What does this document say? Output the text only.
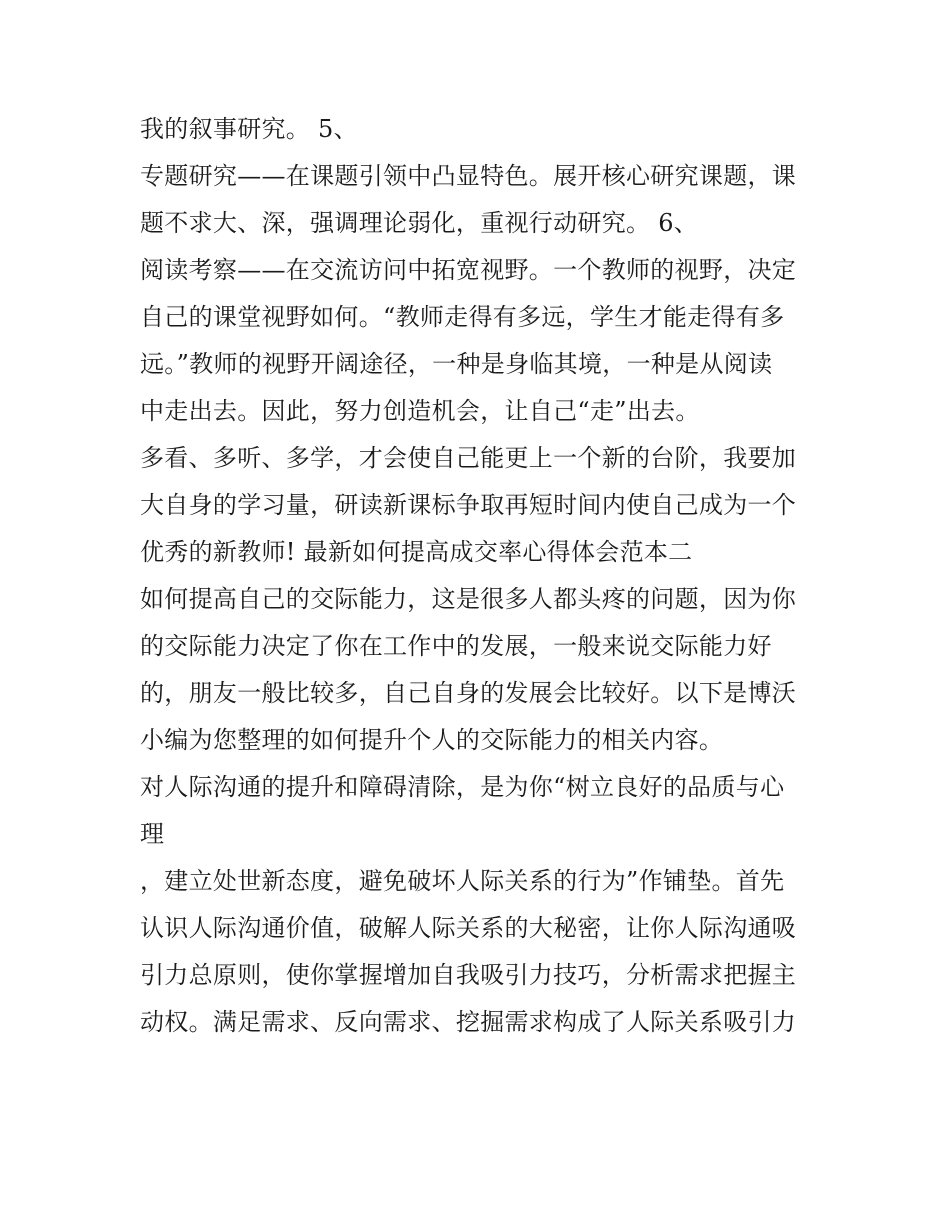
我的叙事研究。 5、
专题研究——在课题引领中凸显特色。展开核心研究课题，课
题不求大、深，强调理论弱化，重视行动研究。 6、
阅读考察——在交流访问中拓宽视野。一个教师的视野，决定
自己的课堂视野如何。“教师走得有多远，学生才能走得有多
远。”教师的视野开阔途径，一种是身临其境，一种是从阅读
中走出去。因此，努力创造机会，让自己“走”出去。
多看、多听、多学，才会使自己能更上一个新的台阶，我要加
大自身的学习量，研读新课标争取再短时间内使自己成为一个
优秀的新教师! 最新如何提高成交率心得体会范本二
如何提高自己的交际能力，这是很多人都头疼的问题，因为你
的交际能力决定了你在工作中的发展，一般来说交际能力好
的，朋友一般比较多，自己自身的发展会比较好。以下是博沃
小编为您整理的如何提升个人的交际能力的相关内容。
对人际沟通的提升和障碍清除，是为你“树立良好的品质与心
理
，建立处世新态度，避免破坏人际关系的行为”作铺垫。首先
认识人际沟通价值，破解人际关系的大秘密，让你人际沟通吸
引力总原则，使你掌握增加自我吸引力技巧，分析需求把握主
动权。满足需求、反向需求、挖掘需求构成了人际关系吸引力
